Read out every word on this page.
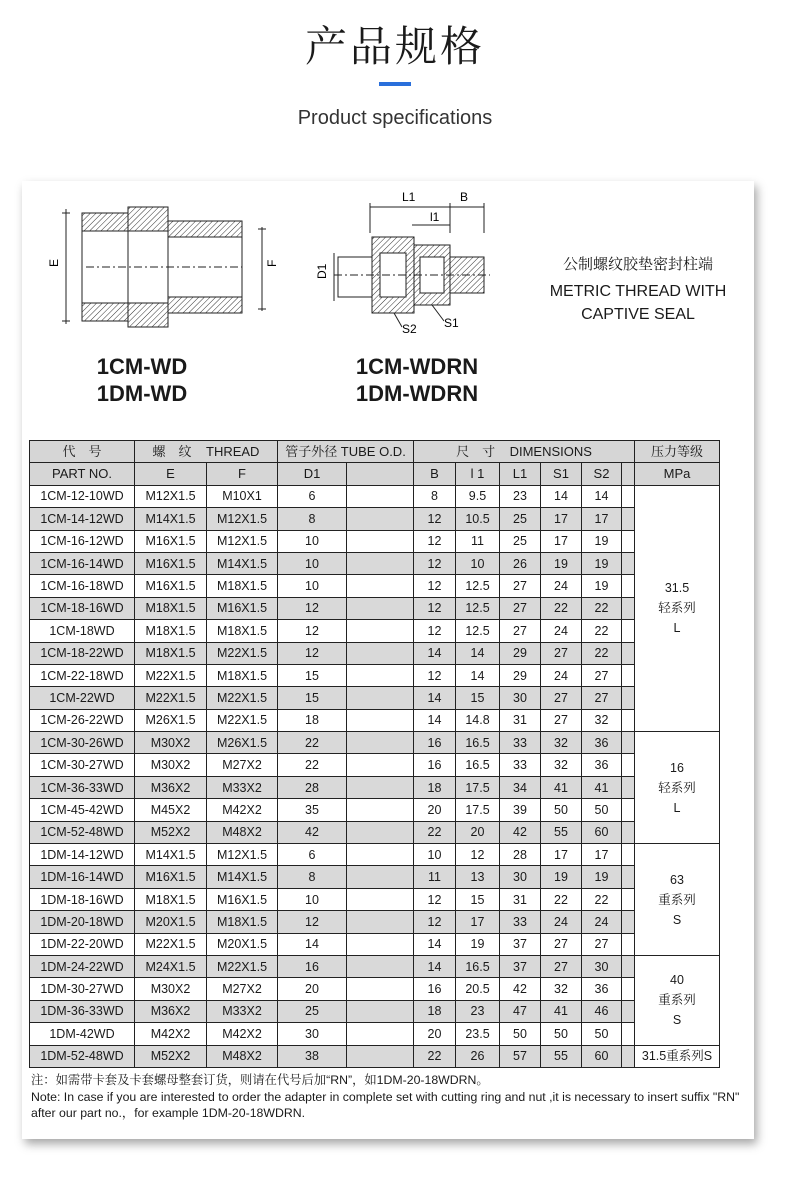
产品规格
Product specifications
E	F
1CM-WD
1DM-WD
L1	B
l1
D1
S2 S1
1CM-WDRN
1DM-WDRN
公制螺纹胶垫密封柱端
METRIC THREAD WITH
CAPTIVE SEAL
代　号	螺　纹 THREAD		管子外径 TUBE O.D.		尺　寸 DIMENSIONS						压力等级
PART NO.	E	F	D1		B	l 1	L1	S1	S2		MPa
1CM-12-10WD	M12X1.5	M10X1	6		8	9.5	23	14	14		31.5
轻系列
L

1CM-14-12WD	M14X1.5	M12X1.5	8		12	10.5	25	17	17		
1CM-16-12WD	M16X1.5	M12X1.5	10		12	11	25	17	19		
1CM-16-14WD	M16X1.5	M14X1.5	10		12	10	26	19	19		
1CM-16-18WD	M16X1.5	M18X1.5	10		12	12.5	27	24	19		
1CM-18-16WD	M18X1.5	M16X1.5	12		12	12.5	27	22	22		
1CM-18WD	M18X1.5	M18X1.5	12		12	12.5	27	24	22		
1CM-18-22WD	M18X1.5	M22X1.5	12		14	14	29	27	22		
1CM-22-18WD	M22X1.5	M18X1.5	15		12	14	29	24	27		
1CM-22WD	M22X1.5	M22X1.5	15		14	15	30	27	27		
1CM-26-22WD	M26X1.5	M22X1.5	18		14	14.8	31	27	32		
1CM-30-26WD	M30X2	M26X1.5	22		16	16.5	33	32	36		16
轻系列
L

1CM-30-27WD	M30X2	M27X2	22		16	16.5	33	32	36		
1CM-36-33WD	M36X2	M33X2	28		18	17.5	34	41	41		
1CM-45-42WD	M45X2	M42X2	35		20	17.5	39	50	50		
1CM-52-48WD	M52X2	M48X2	42		22	20	42	55	60		
1DM-14-12WD	M14X1.5	M12X1.5	6		10	12	28	17	17		63
重系列
S

1DM-16-14WD	M16X1.5	M14X1.5	8		11	13	30	19	19		
1DM-18-16WD	M18X1.5	M16X1.5	10		12	15	31	22	22		
1DM-20-18WD	M20X1.5	M18X1.5	12		12	17	33	24	24		
1DM-22-20WD	M22X1.5	M20X1.5	14		14	19	37	27	27		
1DM-24-22WD	M24X1.5	M22X1.5	16		14	16.5	37	27	30		40
重系列
S

1DM-30-27WD	M30X2	M27X2	20		16	20.5	42	32	36		
1DM-36-33WD	M36X2	M33X2	25		18	23	47	41	46		
1DM-42WD	M42X2	M42X2	30		20	23.5	50	50	50		
1DM-52-48WD	M52X2	M48X2	38		22	26	57	55	60		31.5重系列S
注：如需带卡套及卡套螺母整套订货，则请在代号后加“RN”，如1DM-20-18WDRN。
Note: In case if you are interested to order the adapter in complete set with cutting ring and nut ,it is necessary to insert suffix "RN" after our part no.，for example 1DM-20-18WDRN.
